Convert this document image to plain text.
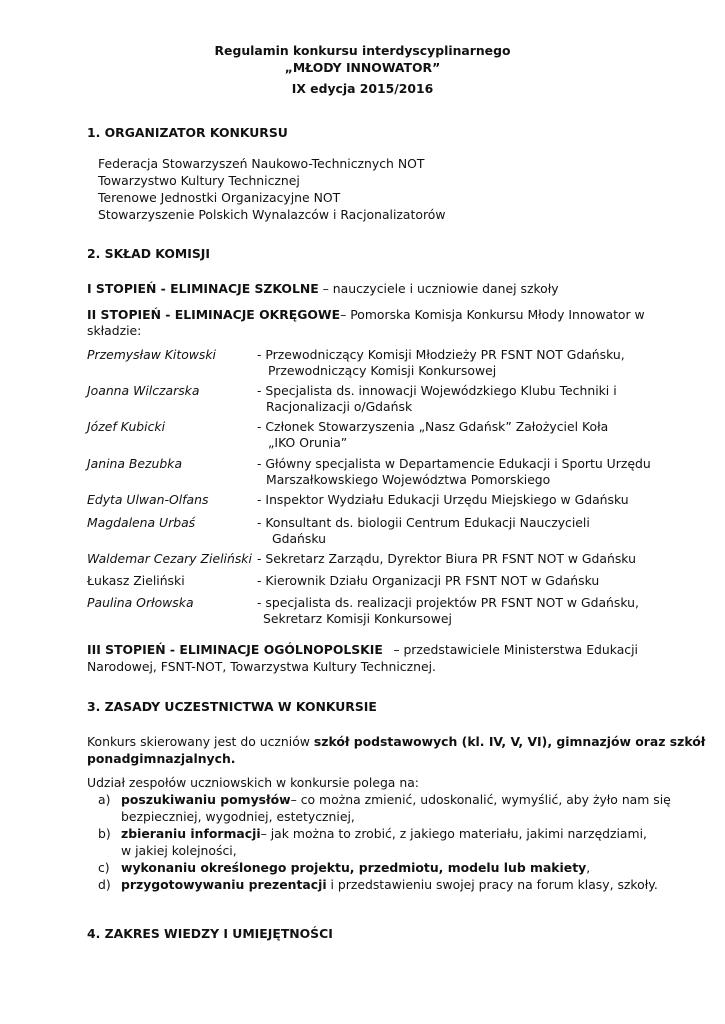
Regulamin konkursu interdyscyplinarnego
„MŁODY INNOWATOR”
IX edycja 2015/2016
1. ORGANIZATOR KONKURSU
Federacja Stowarzyszeń Naukowo-Technicznych NOT
Towarzystwo Kultury Technicznej
Terenowe Jednostki Organizacyjne NOT
Stowarzyszenie Polskich Wynalazców i Racjonalizatorów
2. SKŁAD KOMISJI
I STOPIEŃ - ELIMINACJE SZKOLNE – nauczyciele i uczniowie danej szkoły
II STOPIEŃ - ELIMINACJE OKRĘGOWE – Pomorska Komisja Konkursu Młody Innowator w
składzie:
Przemysław Kitowski	- Przewodniczący Komisji Młodzieży PR FSNT NOT Gdańsku,
Przewodniczący Komisji Konkursowej
Joanna Wilczarska	- Specjalista ds. innowacji Wojewódzkiego Klubu Techniki i
Racjonalizacji o/Gdańsk
Józef Kubicki	- Członek Stowarzyszenia „Nasz Gdańsk” Założyciel Koła
„IKO Orunia”
Janina Bezubka	- Główny specjalista w Departamencie Edukacji i Sportu Urzędu
Marszałkowskiego Województwa Pomorskiego
Edyta Ulwan-Olfans	- Inspektor Wydziału Edukacji Urzędu Miejskiego w Gdańsku
Magdalena Urbaś	- Konsultant ds. biologii Centrum Edukacji Nauczycieli
Gdańsku
Waldemar Cezary Zieliński - Sekretarz Zarządu, Dyrektor Biura PR FSNT NOT w Gdańsku
Łukasz Zieliński	- Kierownik Działu Organizacji PR FSNT NOT w Gdańsku
Paulina Orłowska	- specjalista ds. realizacji projektów PR FSNT NOT w Gdańsku,
Sekretarz Komisji Konkursowej
III STOPIEŃ - ELIMINACJE OGÓLNOPOLSKIE – przedstawiciele Ministerstwa Edukacji
Narodowej, FSNT-NOT, Towarzystwa Kultury Technicznej.
3. ZASADY UCZESTNICTWA W KONKURSIE
Konkurs skierowany jest do uczniów szkół podstawowych (kl. IV, V, VI), gimnazjów oraz szkół
ponadgimnazjalnych.
Udział zespołów uczniowskich w konkursie polega na:
a) poszukiwaniu pomysłów – co można zmienić, udoskonalić, wymyślić, aby żyło nam się
bezpieczniej, wygodniej, estetyczniej,
b) zbieraniu informacji – jak można to zrobić, z jakiego materiału, jakimi narzędziami,
w jakiej kolejności,
c) wykonaniu określonego projektu, przedmiotu, modelu lub makiety,
d) przygotowywaniu prezentacji i przedstawieniu swojej pracy na forum klasy, szkoły.
4. ZAKRES WIEDZY I UMIEJĘTNOŚCI
